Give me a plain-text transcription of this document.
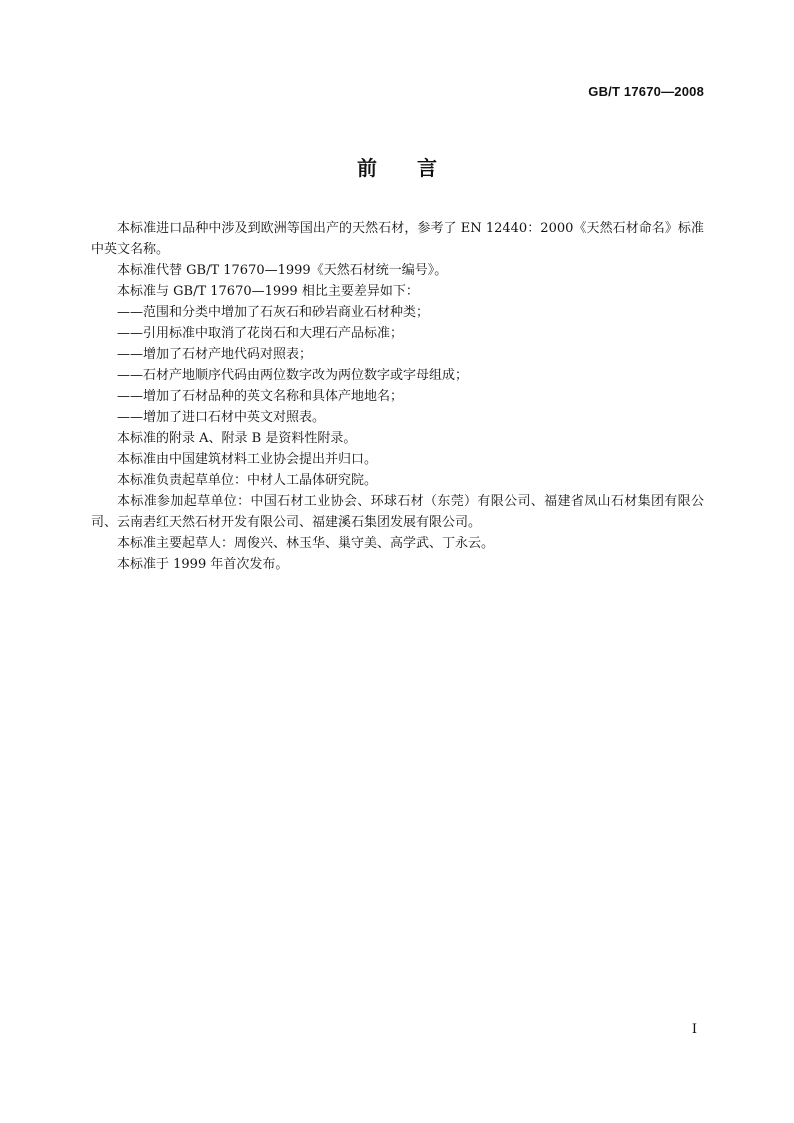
GB/T 17670—2008
前言

本标准进口品种中涉及到欧洲等国出产的天然石材，参考了 EN 12440：2000《天然石材命名》标准中英文名称。

本标准代替 GB/T 17670—1999《天然石材统一编号》。

本标准与 GB/T 17670—1999 相比主要差异如下：

——范围和分类中增加了石灰石和砂岩商业石材种类；

——引用标准中取消了花岗石和大理石产品标准；

——增加了石材产地代码对照表；

——石材产地顺序代码由两位数字改为两位数字或字母组成；

——增加了石材品种的英文名称和具体产地地名；

——增加了进口石材中英文对照表。

本标准的附录 A、附录 B 是资料性附录。

本标准由中国建筑材料工业协会提出并归口。

本标准负责起草单位：中材人工晶体研究院。

本标准参加起草单位：中国石材工业协会、环球石材（东莞）有限公司、福建省凤山石材集团有限公司、云南砉红天然石材开发有限公司、福建溪石集团发展有限公司。

本标准主要起草人：周俊兴、林玉华、巢守美、高学武、丁永云。

本标准于 1999 年首次发布。

I
